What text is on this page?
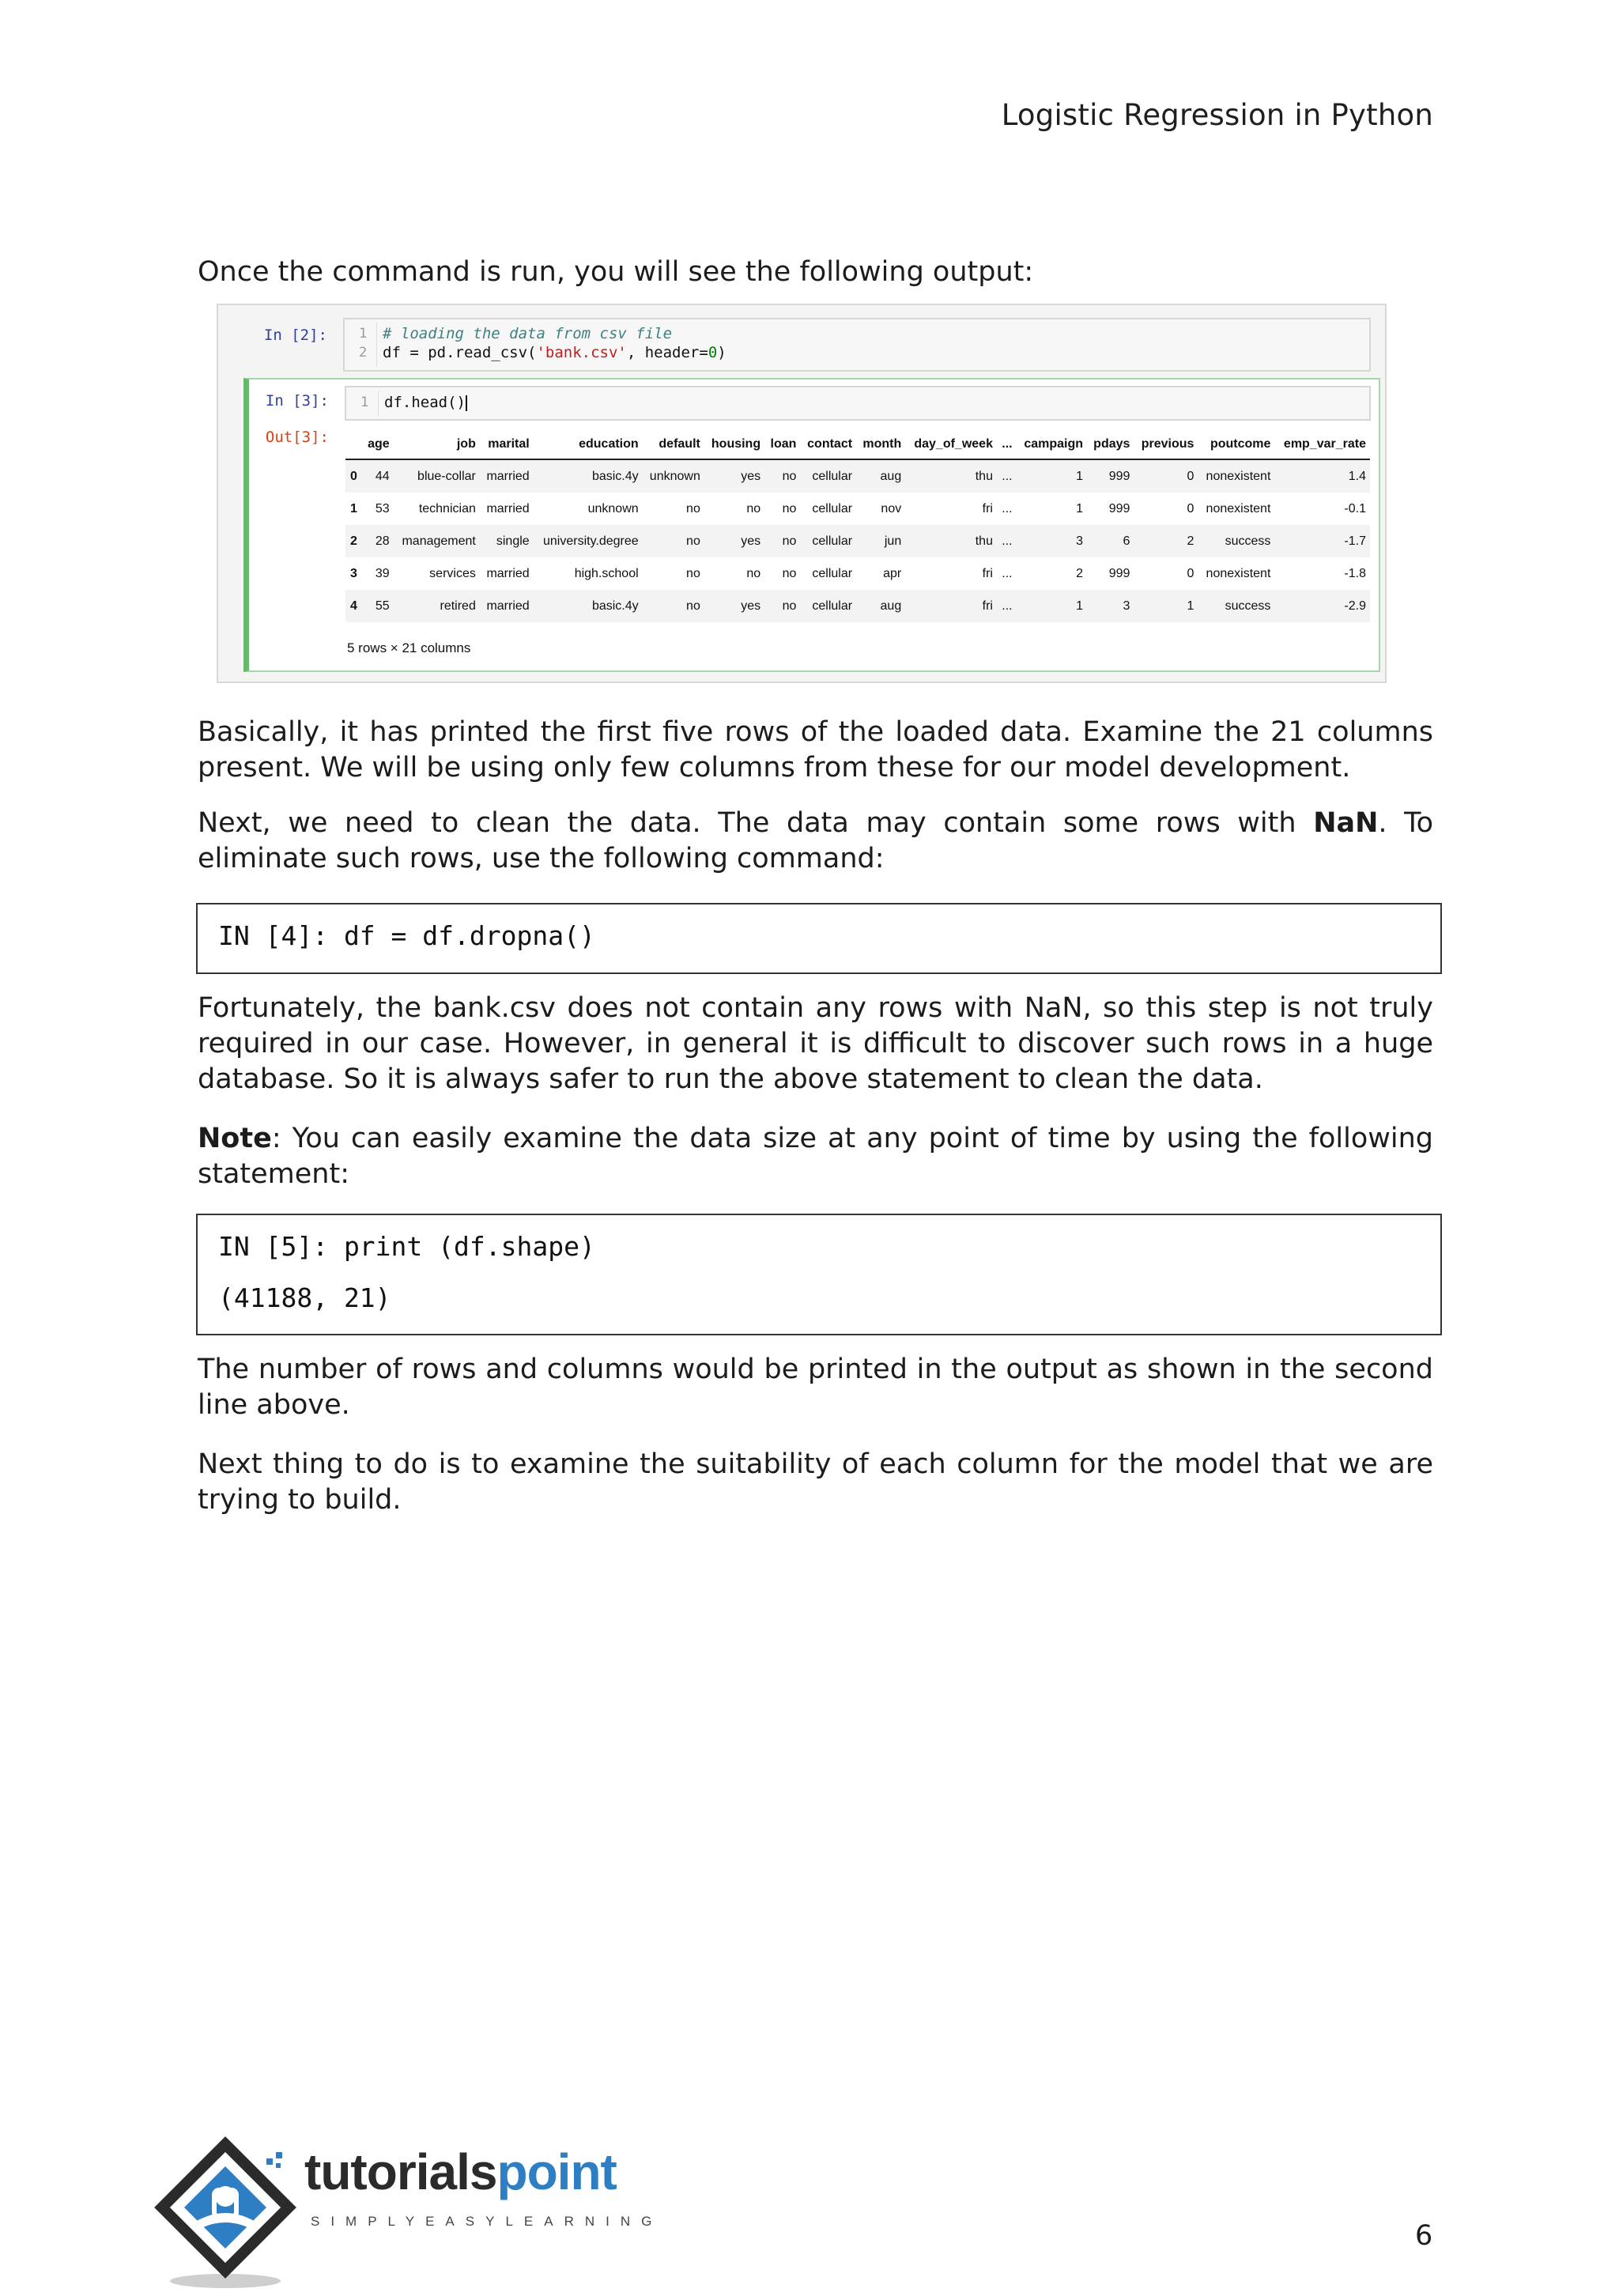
Logistic Regression in Python

Once the command is run, you will see the following output:

In [2]: 1
2
# loading the data from csv file
df = pd.read_csv('bank.csv', header=0)
In [3]:
Out[3]:
1 df.head()
	age	job	marital	education	default	housing	loan	contact	month	day_of_week	...	campaign	pdays	previous	poutcome	emp_var_rate
0	44	blue-collar	married	basic.4y	unknown	yes	no	cellular	aug	thu	...	1	999	0	nonexistent	1.4
1	53	technician	married	unknown	no	no	no	cellular	nov	fri	...	1	999	0	nonexistent	-0.1
2	28	management	single	university.degree	no	yes	no	cellular	jun	thu	...	3	6	2	success	-1.7
3	39	services	married	high.school	no	no	no	cellular	apr	fri	...	2	999	0	nonexistent	-1.8
4	55	retired	married	basic.4y	no	yes	no	cellular	aug	fri	...	1	3	1	success	-2.9
5 rows × 21 columns

Basically, it has printed the first five rows of the loaded data. Examine the 21 columns present. We will be using only few columns from these for our model development.

Next, we need to clean the data. The data may contain some rows with NaN. To eliminate such rows, use the following command:

IN [4]: df = df.dropna()

Fortunately, the bank.csv does not contain any rows with NaN, so this step is not truly required in our case. However, in general it is difficult to discover such rows in a huge database. So it is always safer to run the above statement to clean the data.

Note: You can easily examine the data size at any point of time by using the following statement:

IN [5]: print (df.shape)
(41188, 21)

The number of rows and columns would be printed in the output as shown in the second line above.

Next thing to do is to examine the suitability of each column for the model that we are trying to build.

tutorialspoint
SIMPLYEASYLEARNING	6
